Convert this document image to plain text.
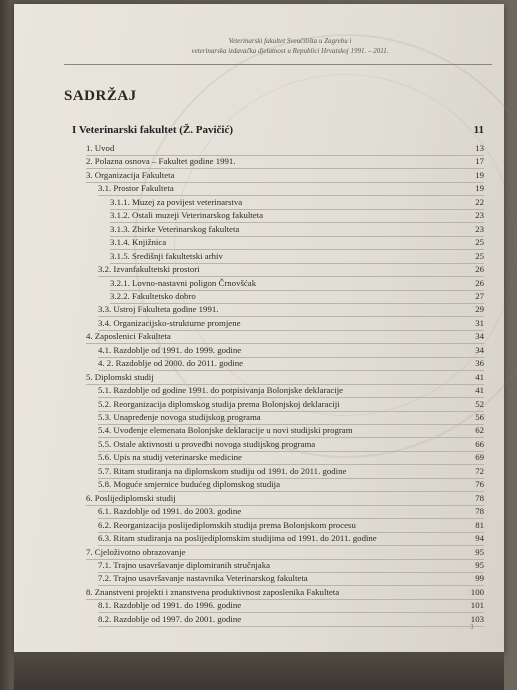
Veterinarski fakultet Sveučilišta u Zagrebu i
veterinarska izdavačka djelatnost u Republici Hrvatskoj 1991. – 2011.
SADRŽAJ
I Veterinarski fakultet (Ž. Pavičić)	11
1. Uvod	13
2. Polazna osnova – Fakultet godine 1991.	17
3. Organizacija Fakulteta	19
3.1. Prostor Fakulteta	19
3.1.1. Muzej za povijest veterinarstva	22
3.1.2. Ostali muzeji Veterinarskog fakulteta	23
3.1.3. Zbirke Veterinarskog fakulteta	23
3.1.4. Knjižnica	25
3.1.5. Središnji fakultetski arhiv	25
3.2. Izvanfakultetski prostori	26
3.2.1. Lovno-nastavni poligon Črnovšćak	26
3.2.2. Fakultetsko dobro	27
3.3. Ustroj Fakulteta godine 1991.	29
3.4. Organizacijsko-strukturne promjene	31
4. Zaposlenici Fakulteta	34
4.1. Razdoblje od 1991. do 1999. godine	34
4. 2. Razdoblje od 2000. do 2011. godine	36
5. Diplomski studij	41
5.1. Razdoblje od godine 1991. do potpisivanja Bolonjske deklaracije	41
5.2. Reorganizacija diplomskog studija prema Bolonjskoj deklaraciji	52
5.3. Unapređenje novoga studijskog programa	56
5.4. Uvođenje elemenata Bolonjske deklaracije u novi studijski program	62
5.5. Ostale aktivnosti u provedbi novoga studijskog programa	66
5.6. Upis na studij veterinarske medicine	69
5.7. Ritam studiranja na diplomskom studiju od 1991. do 2011. godine	72
5.8. Moguće smjernice budućeg diplomskog studija	76
6. Poslijediplomski studij	78
6.1. Razdoblje od 1991. do 2003. godine	78
6.2. Reorganizacija poslijediplomskih studija prema Bolonjskom procesu	81
6.3. Ritam studiranja na poslijediplomskim studijima od 1991. do 2011. godine	94
7. Cjeloživotno obrazovanje	95
7.1. Trajno usavršavanje diplomiranih stručnjaka	95
7.2. Trajno usavršavanje nastavnika Veterinarskog fakulteta	99
8. Znanstveni projekti i znanstvena produktivnost zaposlenika Fakulteta	100
8.1. Razdoblje od 1991. do 1996. godine	101
8.2. Razdoblje od 1997. do 2001. godine	103
3
